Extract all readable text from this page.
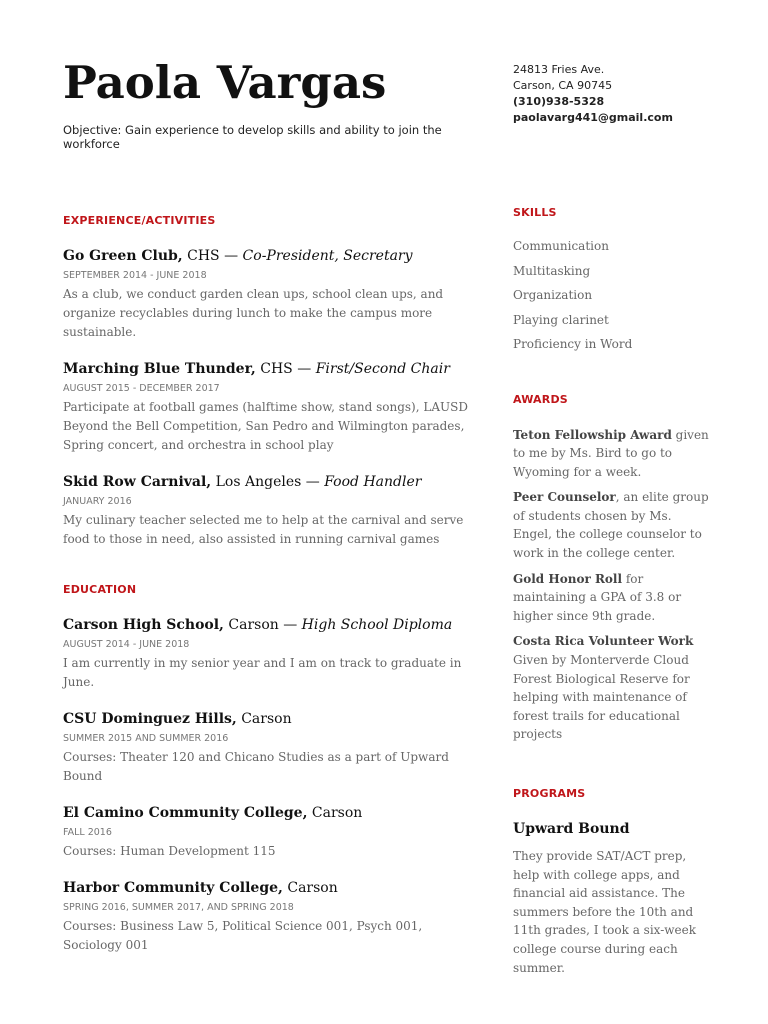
Paola Vargas
Objective: Gain experience to develop skills and ability to join the workforce
EXPERIENCE/ACTIVITIES
Go Green Club, CHS — Co-President, Secretary
SEPTEMBER 2014 - JUNE 2018
As a club, we conduct garden clean ups, school clean ups, and organize recyclables during lunch to make the campus more sustainable.
Marching Blue Thunder, CHS — First/Second Chair
AUGUST 2015 - DECEMBER 2017
Participate at football games (halftime show, stand songs), LAUSD Beyond the Bell Competition, San Pedro and Wilmington parades, Spring concert, and orchestra in school play
Skid Row Carnival, Los Angeles — Food Handler
JANUARY 2016
My culinary teacher selected me to help at the carnival and serve food to those in need, also assisted in running carnival games
EDUCATION
Carson High School, Carson — High School Diploma
AUGUST 2014 - JUNE 2018
I am currently in my senior year and I am on track to graduate in June.
CSU Dominguez Hills, Carson
SUMMER 2015 AND SUMMER 2016
Courses: Theater 120 and Chicano Studies as a part of Upward Bound
El Camino Community College, Carson
FALL 2016
Courses: Human Development 115
Harbor Community College, Carson
SPRING 2016, SUMMER 2017, AND SPRING 2018
Courses: Business Law 5, Political Science 001, Psych 001, Sociology 001
24813 Fries Ave.
Carson, CA 90745
(310)938-5328
paolavarg441@gmail.com
SKILLS
Communication
Multitasking
Organization
Playing clarinet
Proficiency in Word
AWARDS
Teton Fellowship Award given to me by Ms. Bird to go to Wyoming for a week.
Peer Counselor, an elite group of students chosen by Ms. Engel, the college counselor to work in the college center.
Gold Honor Roll for maintaining a GPA of 3.8 or higher since 9th grade.
Costa Rica Volunteer Work Given by Monterverde Cloud Forest Biological Reserve for helping with maintenance of forest trails for educational projects
PROGRAMS
Upward Bound
They provide SAT/ACT prep, help with college apps, and financial aid assistance. The summers before the 10th and 11th grades, I took a six-week college course during each summer.
